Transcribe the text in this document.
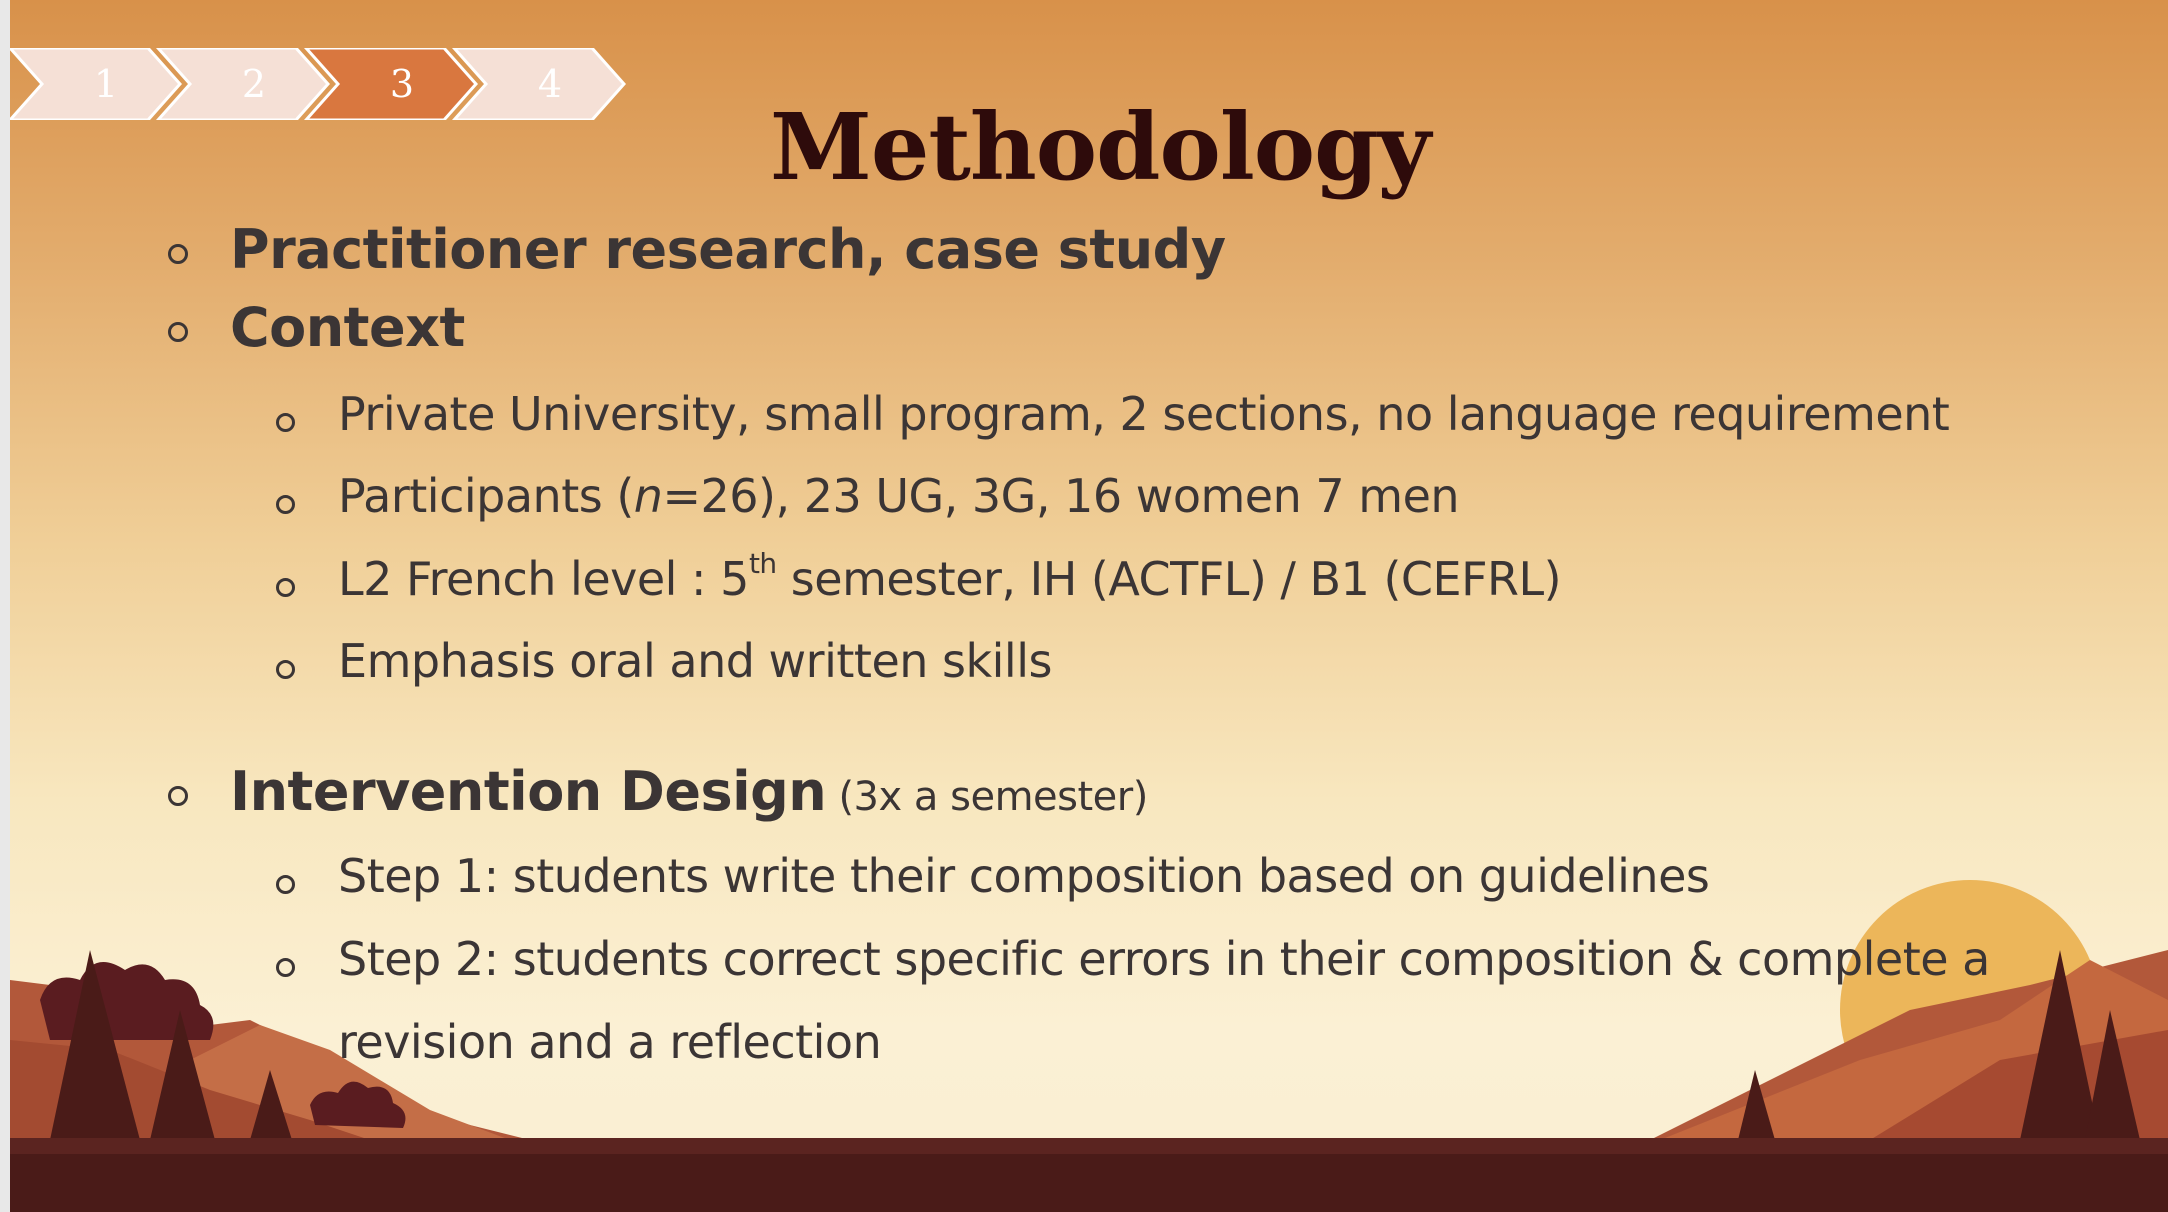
1	2	3	4
Methodology
Practitioner research, case study
Context
Private University, small program, 2 sections, no language requirement
Participants (n=26), 23 UG, 3G, 16 women 7 men
L2 French level : 5th semester, IH (ACTFL) / B1 (CEFRL)
Emphasis oral and written skills
Intervention Design (3x a semester)
Step 1: students write their composition based on guidelines
Step 2: students correct specific errors in their composition & complete a
revision and a reflection
